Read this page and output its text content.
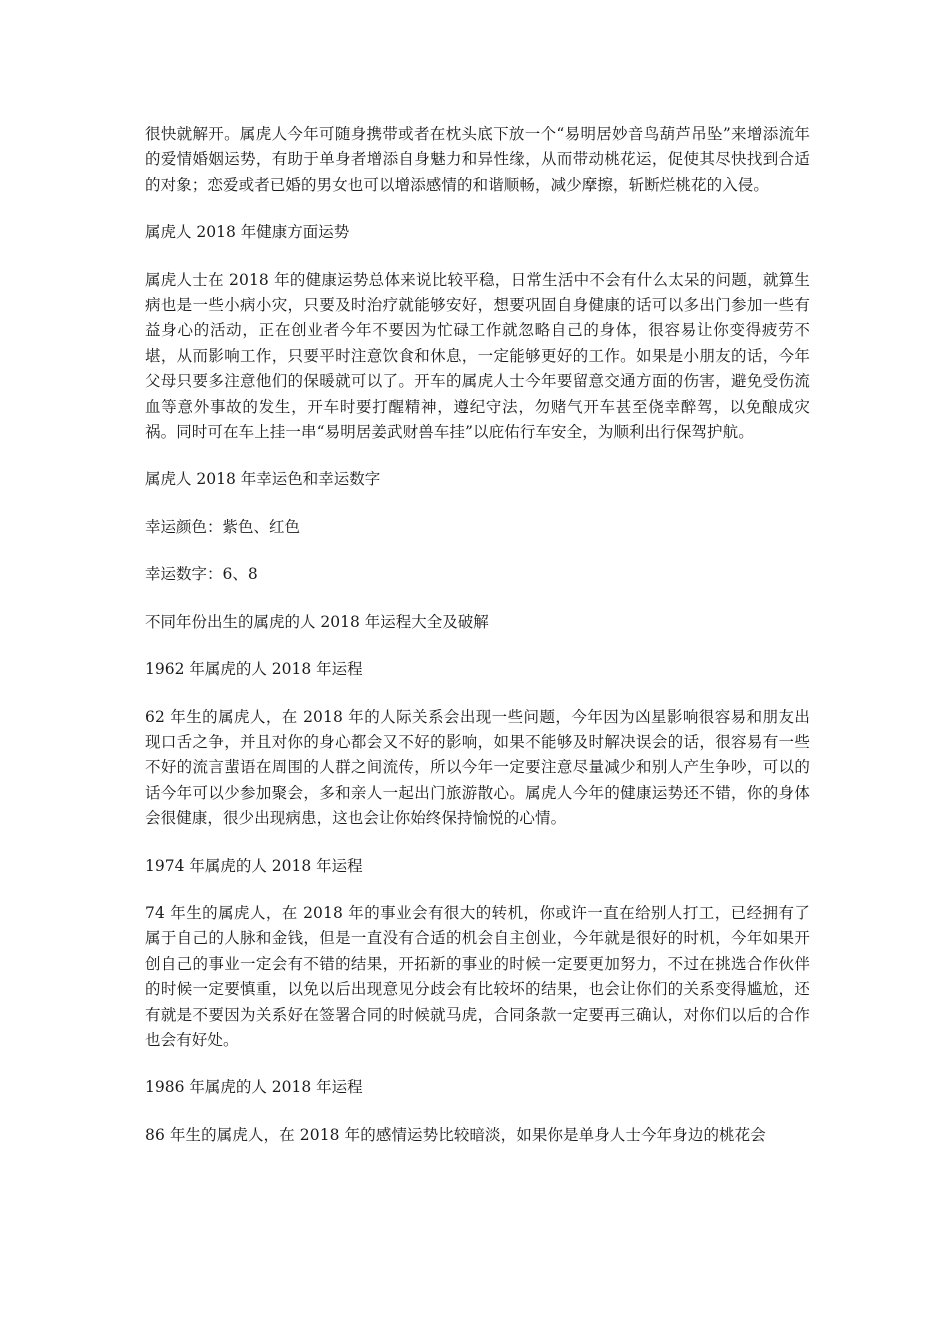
很快就解开。属虎人今年可随身携带或者在枕头底下放一个“易明居妙音鸟葫芦吊坠”来增添流年的爱情婚姻运势，有助于单身者增添自身魅力和异性缘，从而带动桃花运，促使其尽快找到合适的对象；恋爱或者已婚的男女也可以增添感情的和谐顺畅，减少摩擦，斩断烂桃花的入侵。

属虎人 2018 年健康方面运势

属虎人士在 2018 年的健康运势总体来说比较平稳，日常生活中不会有什么太呆的问题，就算生病也是一些小病小灾，只要及时治疗就能够安好，想要巩固自身健康的话可以多出门参加一些有益身心的活动，正在创业者今年不要因为忙碌工作就忽略自己的身体，很容易让你变得疲劳不堪，从而影响工作，只要平时注意饮食和休息，一定能够更好的工作。如果是小朋友的话，今年父母只要多注意他们的保暖就可以了。开车的属虎人士今年要留意交通方面的伤害，避免受伤流血等意外事故的发生，开车时要打醒精神，遵纪守法，勿赌气开车甚至侥幸醉驾，以免酿成灾祸。同时可在车上挂一串“易明居姜武财兽车挂”以庇佑行车安全，为顺利出行保驾护航。

属虎人 2018 年幸运色和幸运数字

幸运颜色：紫色、红色

幸运数字：6、8

不同年份出生的属虎的人 2018 年运程大全及破解

1962 年属虎的人 2018 年运程

62 年生的属虎人，在 2018 年的人际关系会出现一些问题，今年因为凶星影响很容易和朋友出现口舌之争，并且对你的身心都会又不好的影响，如果不能够及时解决误会的话，很容易有一些不好的流言蜚语在周围的人群之间流传，所以今年一定要注意尽量减少和别人产生争吵，可以的话今年可以少参加聚会，多和亲人一起出门旅游散心。属虎人今年的健康运势还不错，你的身体会很健康，很少出现病患，这也会让你始终保持愉悦的心情。

1974 年属虎的人 2018 年运程

74 年生的属虎人，在 2018 年的事业会有很大的转机，你或许一直在给别人打工，已经拥有了属于自己的人脉和金钱，但是一直没有合适的机会自主创业，今年就是很好的时机，今年如果开创自己的事业一定会有不错的结果，开拓新的事业的时候一定要更加努力，不过在挑选合作伙伴的时候一定要慎重，以免以后出现意见分歧会有比较坏的结果，也会让你们的关系变得尴尬，还有就是不要因为关系好在签署合同的时候就马虎，合同条款一定要再三确认，对你们以后的合作也会有好处。

1986 年属虎的人 2018 年运程

86 年生的属虎人，在 2018 年的感情运势比较暗淡，如果你是单身人士今年身边的桃花会
